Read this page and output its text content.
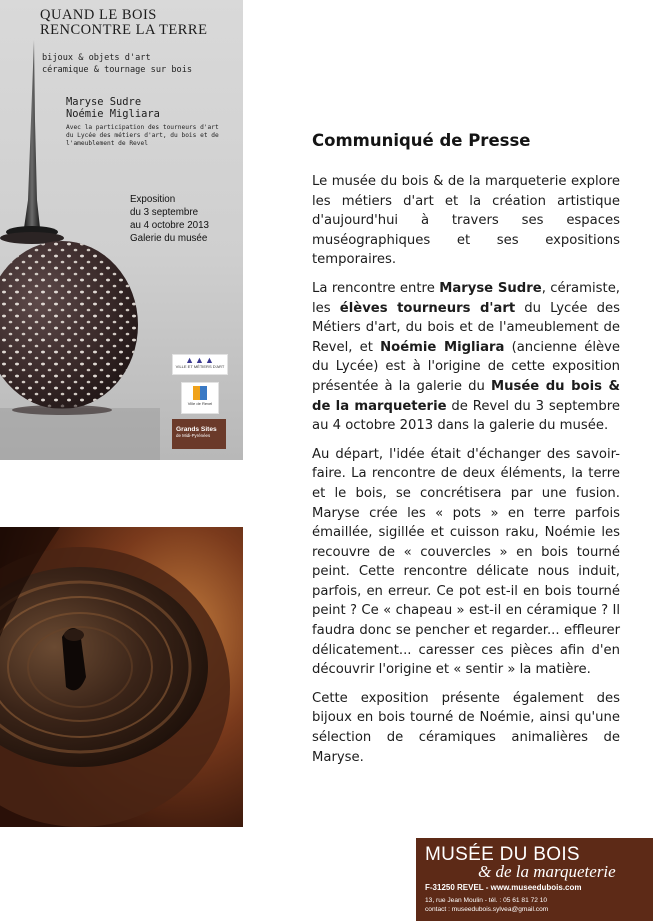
QUAND LE BOIS
RENCONTRE LA TERRE
bijoux & objets d'art
céramique & tournage sur bois
Maryse Sudre
Noémie Migliara
Avec la participation des tourneurs d'art
du Lycée des métiers d'art, du bois et de
l'ameublement de Revel
Exposition
du 3 septembre
au 4 octobre 2013
Galerie du musée
▲▲▲
VILLE ET MÉTIERS D'ART
Ville de Revel
Grands Sites
de Midi-Pyrénées
Communiqué de Presse

Le musée du bois & de la marqueterie explore les métiers d'art et la création artistique d'aujourd'hui à travers ses espaces muséographiques et ses expositions temporaires.

La rencontre entre Maryse Sudre, céramiste, les élèves tourneurs d'art du Lycée des Métiers d'art, du bois et de l'ameublement de Revel, et Noémie Migliara (ancienne élève du Lycée) est à l'origine de cette exposition présentée à la galerie du Musée du bois & de la marqueterie de Revel du 3 septembre au 4 octobre 2013 dans la galerie du musée.

Au départ, l'idée était d'échanger des savoir-faire. La rencontre de deux éléments, la terre et le bois, se concrétisera par une fusion. Maryse crée les « pots » en terre parfois émaillée, sigillée et cuisson raku, Noémie les recouvre de « couvercles » en bois tourné peint. Cette rencontre délicate nous induit, parfois, en erreur. Ce pot est-il en bois tourné peint ? Ce « chapeau » est-il en céramique ? Il faudra donc se pencher et regarder... effleurer délicatement... caresser ces pièces afin d'en découvrir l'origine et « sentir » la matière.

Cette exposition présente également des bijoux en bois tourné de Noémie, ainsi qu'une sélection de céramiques animalières de Maryse.

MUSÉE DU BOIS
& de la marqueterie
F-31250 REVEL - www.museedubois.com
13, rue Jean Moulin - tél. : 05 61 81 72 10
contact : museedubois.sylvea@gmail.com
